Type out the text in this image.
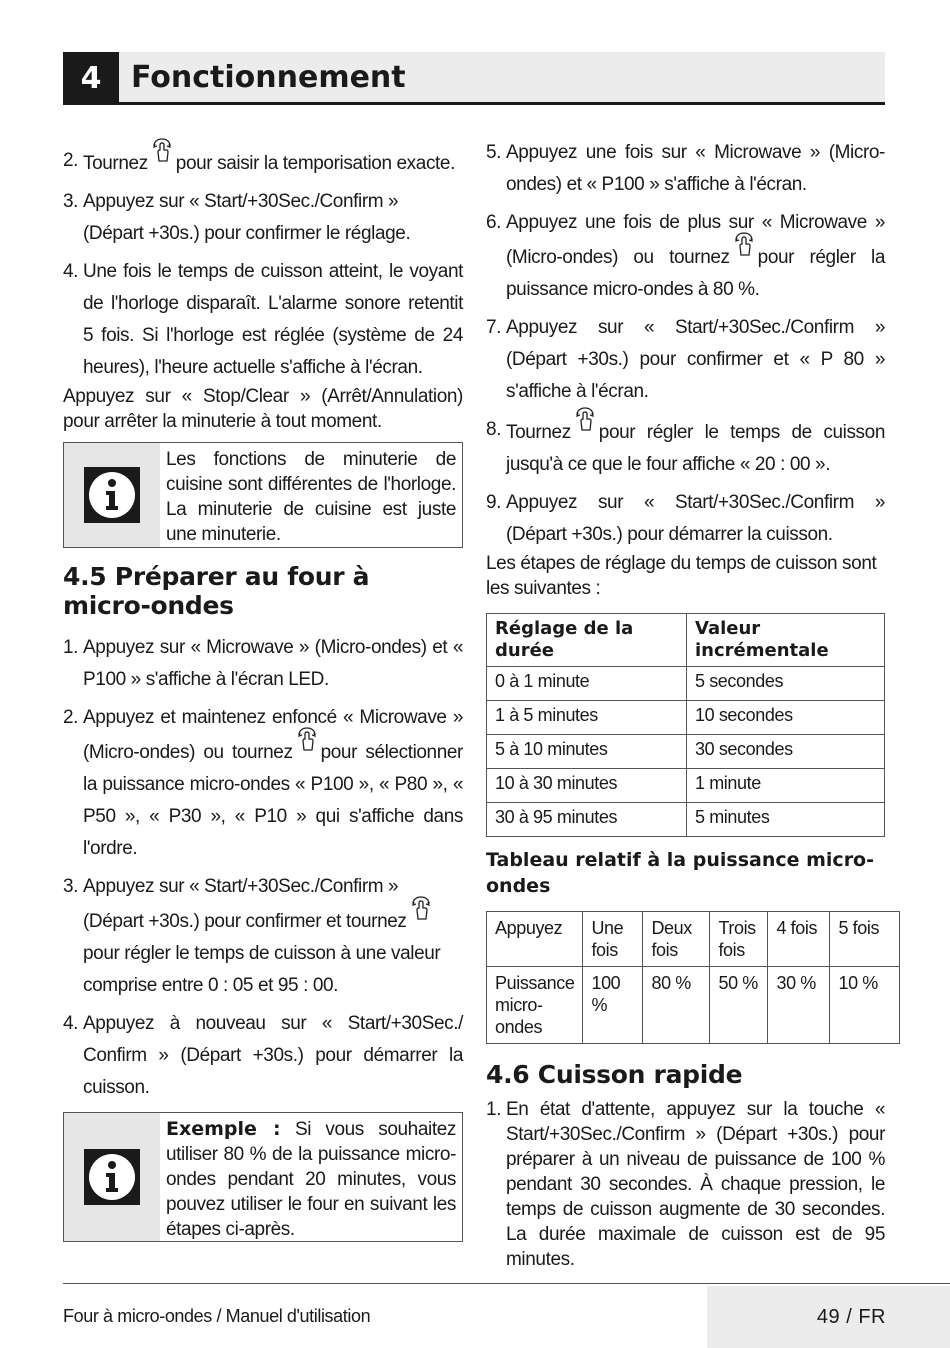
4 Fonctionnement
2. Tournez pour saisir la temporisation exacte.

3. Appuyez sur « Start/+30Sec./Confirm » (Départ +30s.) pour confirmer le réglage.

4. Une fois le temps de cuisson atteint, le voyant de l'horloge disparaît. L'alarme sonore retentit 5 fois. Si l'horloge est réglée (système de 24 heures), l'heure actuelle s'affiche à l'écran.

Appuyez sur « Stop/Clear » (Arrêt/Annulation) pour arrêter la minuterie à tout moment.

Les fonctions de minuterie de cuisine sont différentes de l'horloge. La minuterie de cuisine est juste une minuterie.
4.5 Préparer au four à micro-ondes
1. Appuyez sur « Microwave » (Micro-ondes) et « P100 » s'affiche à l'écran LED.

2. Appuyez et maintenez enfoncé « Microwave » (Micro-ondes) ou tournez pour sélectionner la puissance micro-ondes « P100 », « P80 », « P50 », « P30 », « P10 » qui s'affiche dans l'ordre.

3. Appuyez sur « Start/+30Sec./Confirm » (Départ +30s.) pour confirmer et tournezpour régler le temps de cuisson à une valeur comprise entre 0 : 05 et 95 : 00.

4. Appuyez à nouveau sur « Start/+30Sec./ Confirm » (Départ +30s.) pour démarrer la cuisson.

Exemple : Si vous souhaitez utiliser 80 % de la puissance micro-ondes pendant 20 minutes, vous pouvez utiliser le four en suivant les étapes ci-après.
5. Appuyez une fois sur « Microwave » (Micro-ondes) et « P100 » s'affiche à l'écran.

6. Appuyez une fois de plus sur « Microwave » (Micro-ondes) ou tournez pour régler la puissance micro-ondes à 80 %.

7. Appuyez sur « Start/+30Sec./Confirm » (Départ +30s.) pour confirmer et « P 80 » s'affiche à l'écran.

8. Tournez pour régler le temps de cuisson jusqu'à ce que le four affiche « 20 : 00 ».

9. Appuyez sur « Start/+30Sec./Confirm » (Départ +30s.) pour démarrer la cuisson.

Les étapes de réglage du temps de cuisson sont les suivantes :

Réglage de la durée	Valeur incrémentale
0 à 1 minute	5 secondes
1 à 5 minutes	10 secondes
5 à 10 minutes	30 secondes
10 à 30 minutes	1 minute
30 à 95 minutes	5 minutes
Tableau relatif à la puissance micro-ondes
Appuyez	Une fois	Deux fois	Trois fois	4 fois	5 fois
Puissance micro-ondes	100 %	80 %	50 %	30 %	10 %
4.6 Cuisson rapide
1. En état d'attente, appuyez sur la touche « Start/+30Sec./Confirm » (Départ +30s.) pour préparer à un niveau de puissance de 100 % pendant 30 secondes. À chaque pression, le temps de cuisson augmente de 30 secondes. La durée maximale de cuisson est de 95 minutes.

Four à micro-ondes / Manuel d'utilisation	49 / FR
